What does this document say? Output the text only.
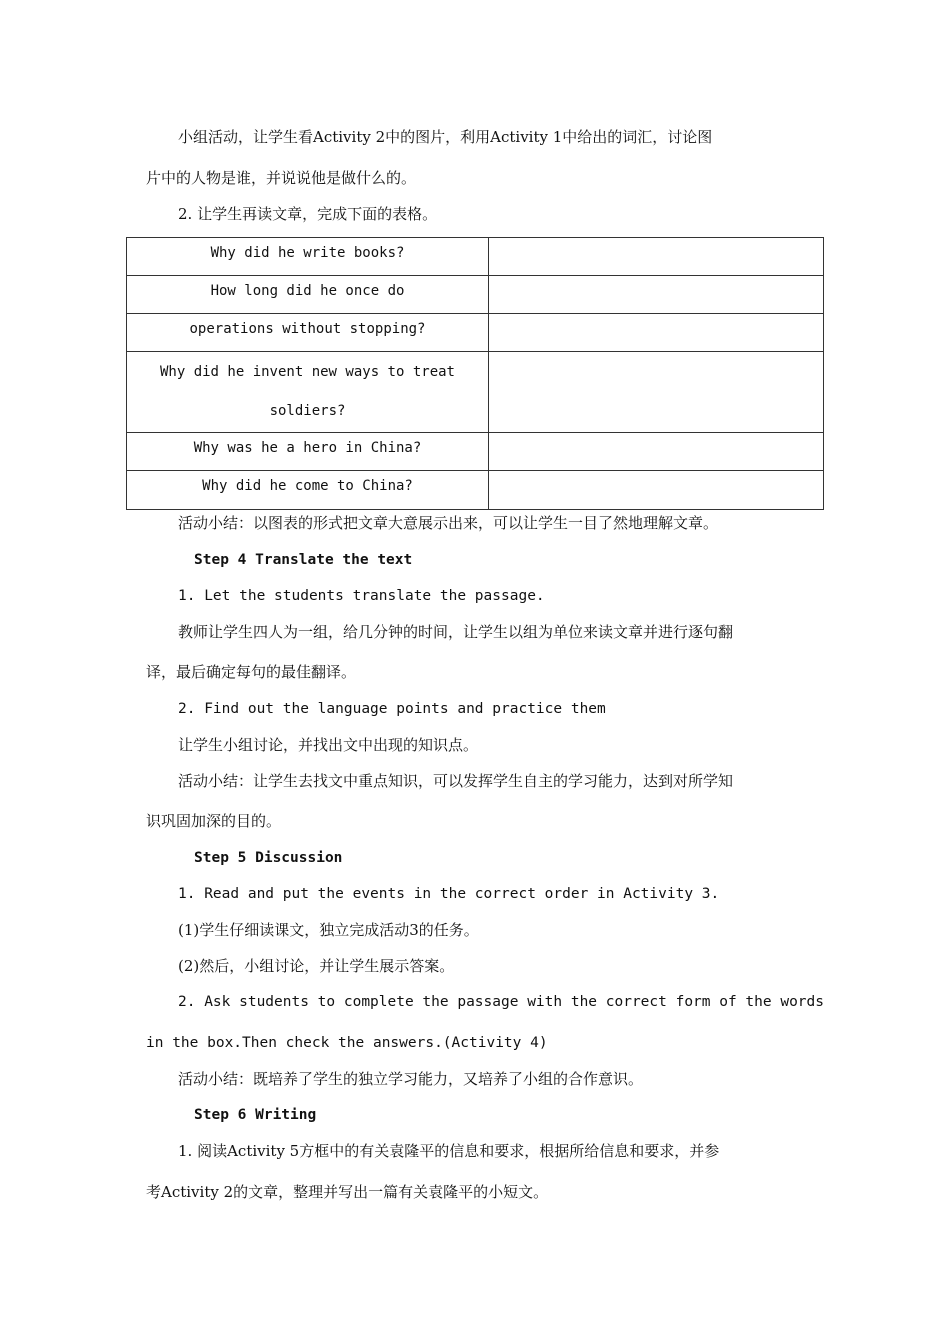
小组活动，让学生看Activity 2中的图片，利用Activity 1中给出的词汇，讨论图
片中的人物是谁，并说说他是做什么的。
2. 让学生再读文章，完成下面的表格。
Why did he write books?	

How long did he once do	

operations without stopping?	

Why did he invent new ways to treat
soldiers?	

Why was he a hero in China?	

Why did he come to China?	

活动小结：以图表的形式把文章大意展示出来，可以让学生一目了然地理解文章。
Step 4 Translate the text
1. Let the students translate the passage.
教师让学生四人为一组，给几分钟的时间，让学生以组为单位来读文章并进行逐句翻
译，最后确定每句的最佳翻译。
2. Find out the language points and practice them
让学生小组讨论，并找出文中出现的知识点。
活动小结：让学生去找文中重点知识，可以发挥学生自主的学习能力，达到对所学知
识巩固加深的目的。
Step 5 Discussion
1. Read and put the events in the correct order in Activity 3.
(1)学生仔细读课文，独立完成活动3的任务。
(2)然后，小组讨论，并让学生展示答案。
2. Ask students to complete the passage with the correct form of the words
in the box.Then check the answers.(Activity 4)
活动小结：既培养了学生的独立学习能力，又培养了小组的合作意识。
Step 6 Writing
1. 阅读Activity 5方框中的有关袁隆平的信息和要求，根据所给信息和要求，并参
考Activity 2的文章，整理并写出一篇有关袁隆平的小短文。
